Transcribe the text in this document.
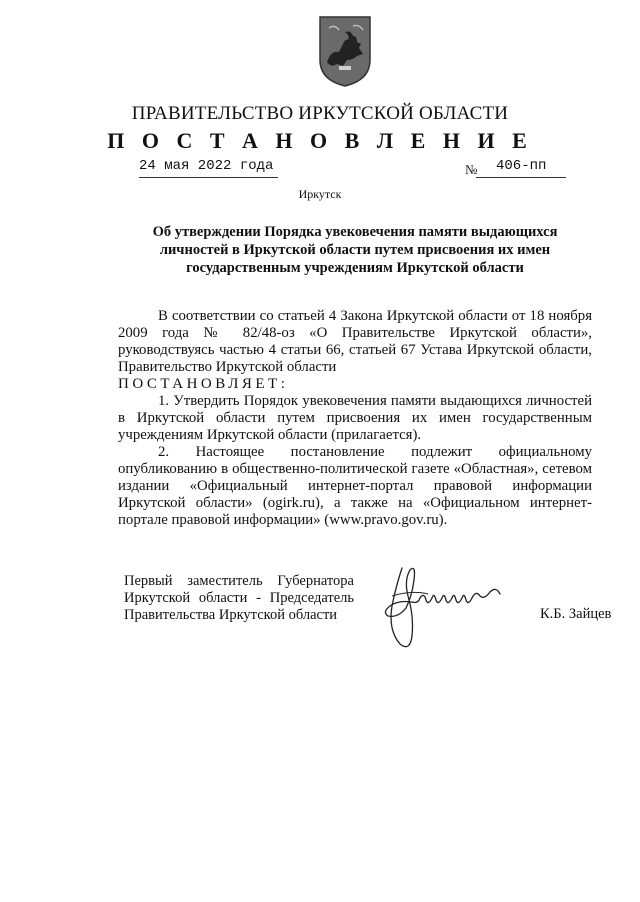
ПРАВИТЕЛЬСТВО ИРКУТСКОЙ ОБЛАСТИ
П О С Т А Н О В Л Е Н И Е
24 мая 2022 года	№ 406-пп
Иркутск
Об утверждении Порядка увековечения памяти выдающихся
личностей в Иркутской области путем присвоения их имен
государственным учреждениям Иркутской области
В соответствии со статьей 4 Закона Иркутской области от 18 ноября 2009 года № 82/48-оз «О Правительстве Иркутской области», руководствуясь частью 4 статьи 66, статьей 67 Устава Иркутской области, Правительство Иркутской области
ПОСТАНОВЛЯЕТ:
1. Утвердить Порядок увековечения памяти выдающихся личностей в Иркутской области путем присвоения их имен государственным учреждениям Иркутской области (прилагается).
2. Настоящее постановление подлежит официальному опубликованию в общественно-политической газете «Областная», сетевом издании «Официальный интернет-портал правовой информации Иркутской области» (ogirk.ru), а также на «Официальном интернет-портале правовой информации» (www.pravo.gov.ru).
Первый заместитель Губернатора
Иркутской области - Председатель
Правительства Иркутской области	К.Б. Зайцев
